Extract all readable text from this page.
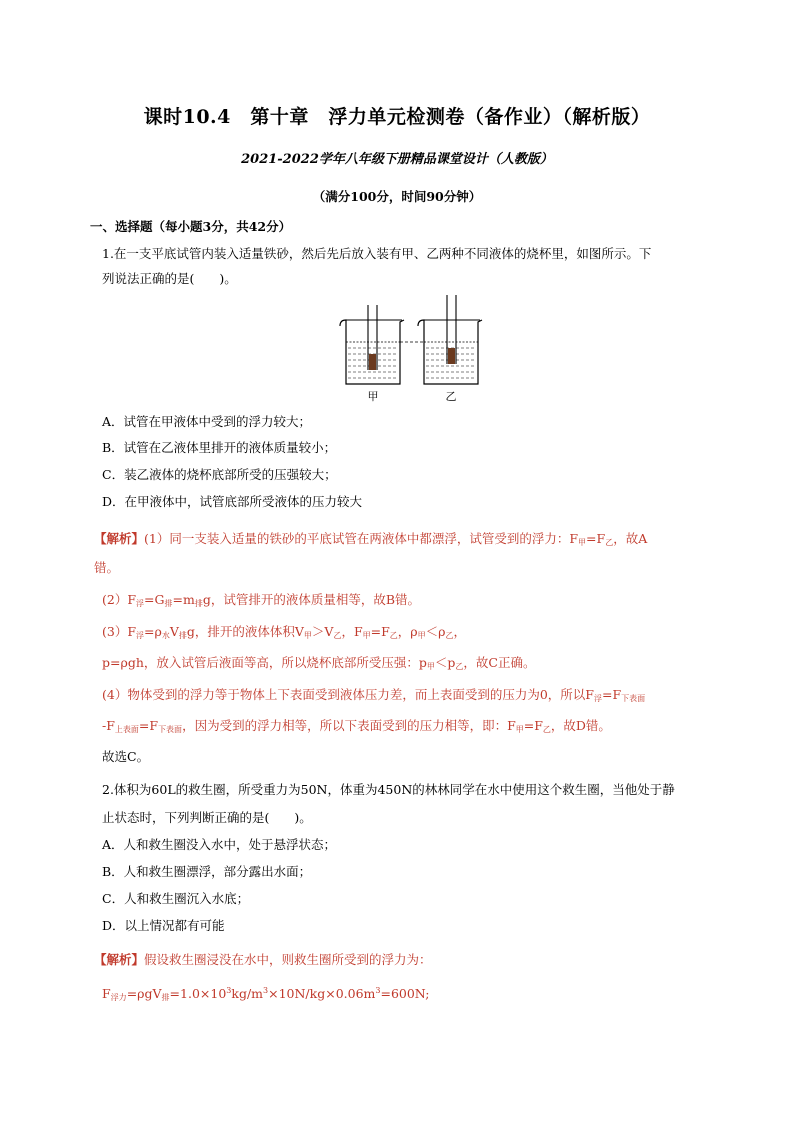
课时10.4　第十章　浮力单元检测卷（备作业）（解析版）
2021-2022学年八年级下册精品课堂设计（人教版）
（满分100分，时间90分钟）
一、选择题（每小题3分，共42分）
1.在一支平底试管内装入适量铁砂，然后先后放入装有甲、乙两种不同液体的烧杯里，如图所示。下
列说法正确的是(　　)。
甲	乙
A．试管在甲液体中受到的浮力较大；
B．试管在乙液体里排开的液体质量较小；
C．装乙液体的烧杯底部所受的压强较大；
D．在甲液体中，试管底部所受液体的压力较大
【解析】(1）同一支装入适量的铁砂的平底试管在两液体中都漂浮，试管受到的浮力：$F_甲=F_乙$，故A
错。
$(2)F_浮=G_排=m_排g$，试管排开的液体质量相等，故B错。
$(3)F_浮=\rho_水V_排g$，排开的液体体积$V_甲>V_乙$，$F_甲=F_乙$，$\rho_甲<\rho_乙$，
p=ρgh，放入试管后液面等高，所以烧杯底部所受压强：$p_甲<p_乙$，故C正确。
(4）物体受到的浮力等于物体上下表面受到液体压力差，而上表面受到的压力为0，所以$F_浮=F_{下表面}$
$-F_{上表面}=F_{下表面}$，因为受到的浮力相等，所以下表面受到的压力相等，即：$F_甲=F_乙$，故D错。
故选C。
2.体积为60L的救生圈，所受重力为50N，体重为450N的林林同学在水中使用这个救生圈，当他处于静
止状态时，下列判断正确的是(　　)。
A．人和救生圈没入水中，处于悬浮状态；
B．人和救生圈漂浮，部分露出水面；
C．人和救生圈沉入水底；
D．以上情况都有可能
【解析】假设救生圈浸没在水中，则救生圈所受到的浮力为：
$F_{浮力}=\rho gV_排=1.0\times 10^3kg/m^3\times 10N/kg\times 0.06m^3=600N$;
